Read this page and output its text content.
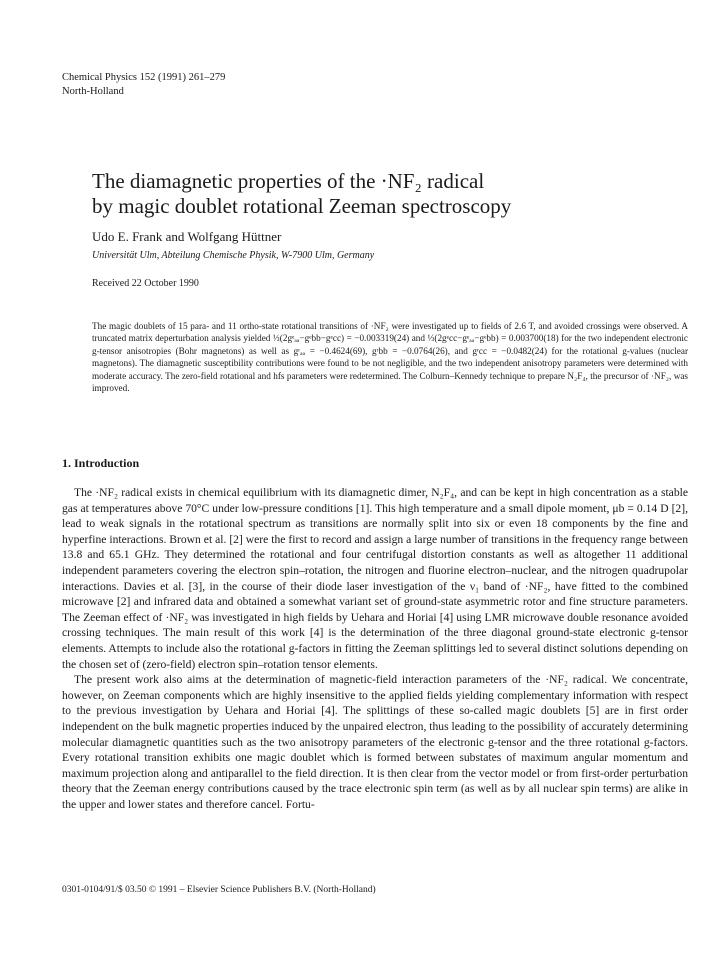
Chemical Physics 152 (1991) 261–279
North-Holland
The diamagnetic properties of the ·NF₂ radical
by magic doublet rotational Zeeman spectroscopy
Udo E. Frank and Wolfgang Hüttner
Universität Ulm, Abteilung Chemische Physik, W-7900 Ulm, Germany
Received 22 October 1990
The magic doublets of 15 para- and 11 ortho-state rotational transitions of ·NF₂ were investigated up to fields of 2.6 T, and avoided crossings were observed. A truncated matrix deperturbation analysis yielded ⅓(2gᵉₐₐ−gᵉbb−gᵉcc) = −0.003319(24) and ⅓(2gᵉcc−gᵉₐₐ−gᵉbb) = 0.003700(18) for the two independent electronic g-tensor anisotropies (Bohr magnetons) as well as gʳₐₐ = −0.4624(69), gʳbb = −0.0764(26), and gʳcc = −0.0482(24) for the rotational g-values (nuclear magnetons). The diamagnetic susceptibility contributions were found to be not negligible, and the two independent anisotropy parameters were determined with moderate accuracy. The zero-field rotational and hfs parameters were redetermined. The Colburn–Kennedy technique to prepare N₂F₄, the precursor of ·NF₂, was improved.
1. Introduction

The ·NF₂ radical exists in chemical equilibrium with its diamagnetic dimer, N₂F₄, and can be kept in high concentration as a stable gas at temperatures above 70°C under low-pressure conditions [1]. This high temperature and a small dipole moment, μb = 0.14 D [2], lead to weak signals in the rotational spectrum as transitions are normally split into six or even 18 components by the fine and hyperfine interactions. Brown et al. [2] were the first to record and assign a large number of transitions in the frequency range between 13.8 and 65.1 GHz. They determined the rotational and four centrifugal distortion constants as well as altogether 11 additional independent parameters covering the electron spin–rotation, the nitrogen and fluorine electron–nuclear, and the nitrogen quadrupolar interactions. Davies et al. [3], in the course of their diode laser investigation of the ν₁ band of ·NF₂, have fitted to the combined microwave [2] and infrared data and obtained a somewhat variant set of ground-state asymmetric rotor and fine structure parameters. The Zeeman effect of ·NF₂ was investigated in high fields by Uehara and Horiai [4] using LMR microwave double resonance avoided crossing techniques. The main result of this work [4] is the determination of the three diagonal ground-state electronic g-tensor elements. Attempts to include also the rotational g-factors in fitting the Zeeman splittings led to several distinct solutions depending on the chosen set of (zero-field) electron spin–rotation tensor elements.

The present work also aims at the determination of magnetic-field interaction parameters of the ·NF₂ radical. We concentrate, however, on Zeeman components which are highly insensitive to the applied fields yielding complementary information with respect to the previous investigation by Uehara and Horiai [4]. The splittings of these so-called magic doublets [5] are in first order independent on the bulk magnetic properties induced by the unpaired electron, thus leading to the possibility of accurately determining molecular diamagnetic quantities such as the two anisotropy parameters of the electronic g-tensor and the three rotational g-factors. Every rotational transition exhibits one magic doublet which is formed between substates of maximum angular momentum and maximum projection along and antiparallel to the field direction. It is then clear from the vector model or from first-order perturbation theory that the Zeeman energy contributions caused by the trace electronic spin term (as well as by all nuclear spin terms) are alike in the upper and lower states and therefore cancel. Fortu-

0301-0104/91/$ 03.50 © 1991 – Elsevier Science Publishers B.V. (North-Holland)
